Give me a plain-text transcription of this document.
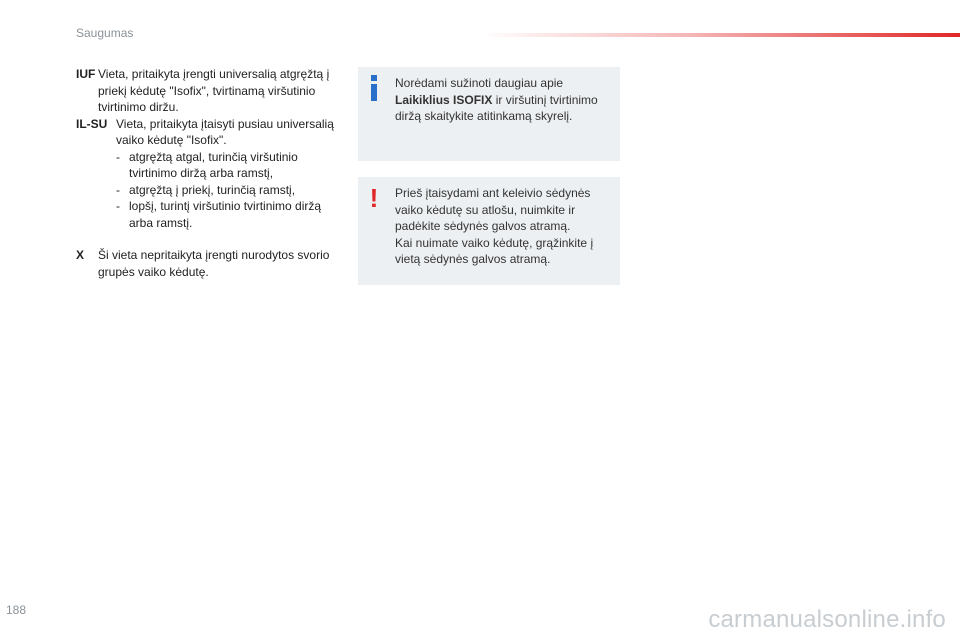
Saugumas
IUF Vieta, pritaikyta įrengti universalią atgręžtą į priekį kėdutę "Isofix", tvirtinamą viršutinio tvirtinimo diržu.
IL-SU Vieta, pritaikyta įtaisyti pusiau universalią vaiko kėdutę "Isofix".
- atgręžtą atgal, turinčią viršutinio tvirtinimo diržą arba ramstį,
- atgręžtą į priekį, turinčią ramstį,
- lopšį, turintį viršutinio tvirtinimo diržą arba ramstį.
X Ši vieta nepritaikyta įrengti nurodytos svorio grupės vaiko kėdutę.
Norėdami sužinoti daugiau apie Laikiklius ISOFIX ir viršutinį tvirtinimo diržą skaitykite atitinkamą skyrelį.
! Prieš įtaisydami ant keleivio sėdynės vaiko kėdutę su atlošu, nuimkite ir padėkite sėdynės galvos atramą.
Kai nuimate vaiko kėdutę, grąžinkite į vietą sėdynės galvos atramą.
188	carmanualsonline.info
